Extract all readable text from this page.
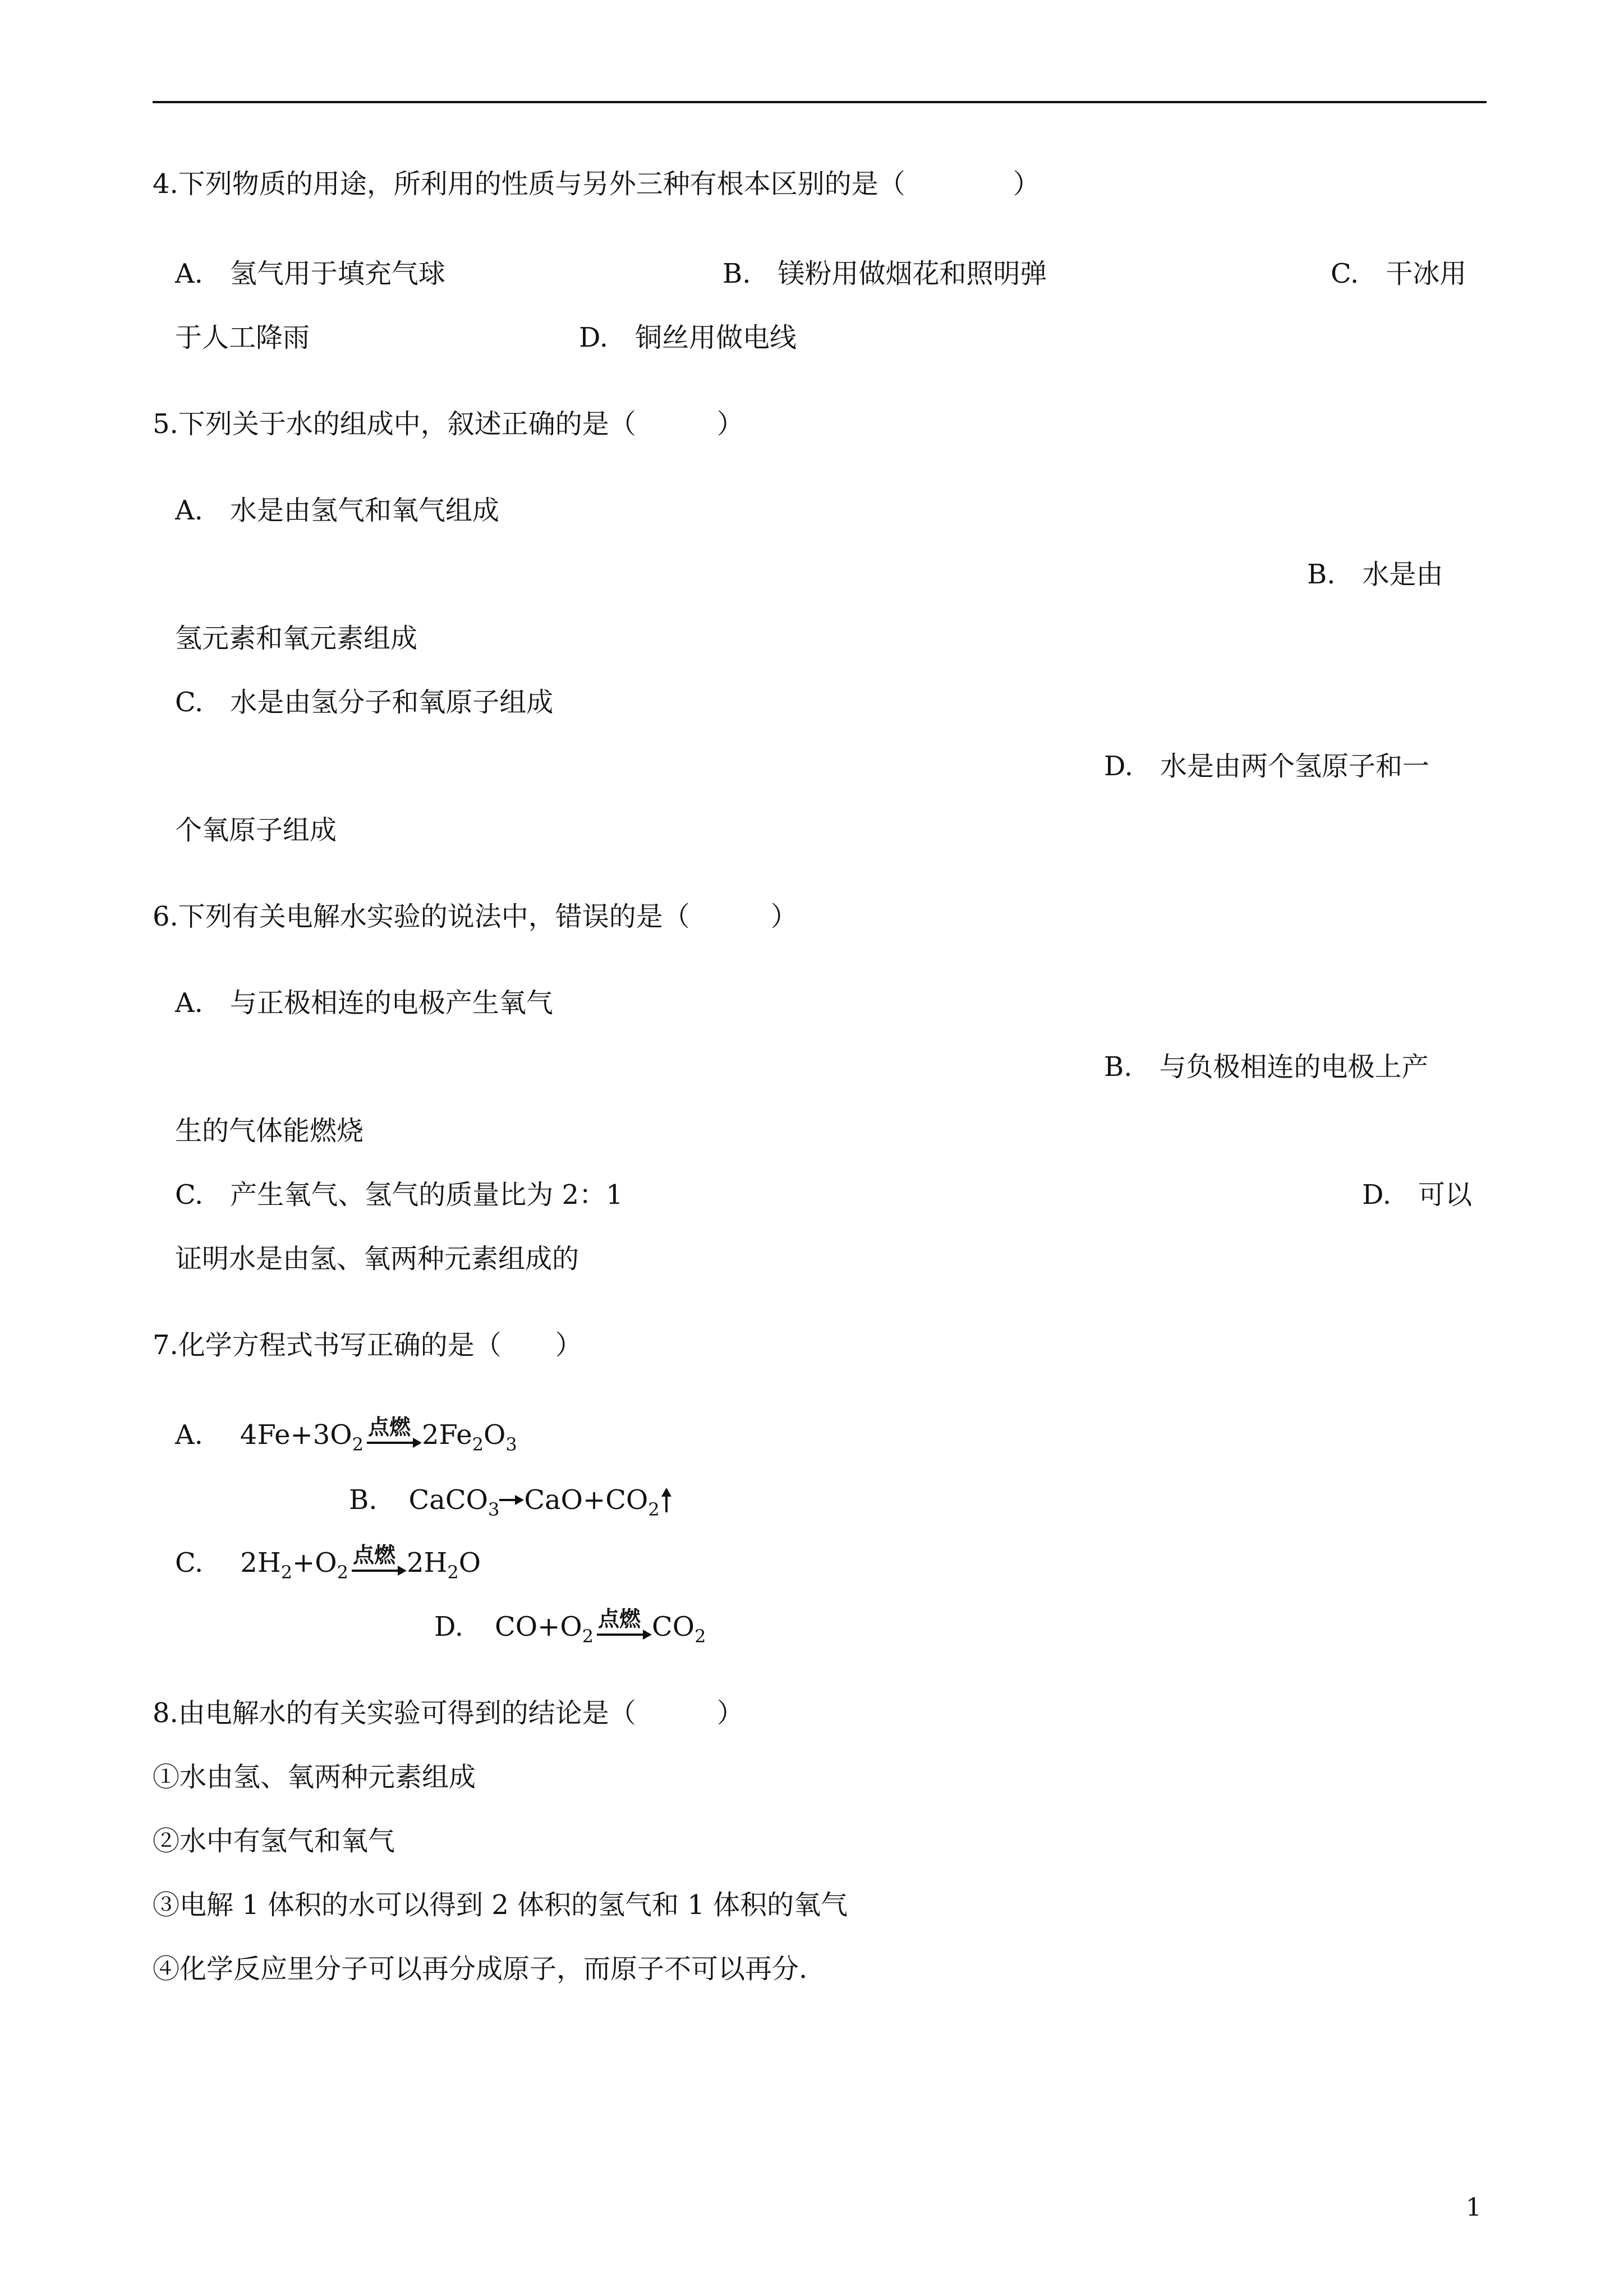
4.下列物质的用途，所利用的性质与另外三种有根本区别的是（　　　　）
A.　氢气用于填充气球	B.　镁粉用做烟花和照明弹	C.　干冰用
于人工降雨	D.　铜丝用做电线
5.下列关于水的组成中，叙述正确的是（　　　）
A.　水是由氢气和氧气组成
B.　水是由
氢元素和氧元素组成
C.　水是由氢分子和氧原子组成
D.　水是由两个氢原子和一
个氧原子组成
6.下列有关电解水实验的说法中，错误的是（　　　）
A.　与正极相连的电极产生氧气
B.　与负极相连的电极上产
生的气体能燃烧
C.　产生氧气、氢气的质量比为 2：1	D.　可以
证明水是由氢、氧两种元素组成的
7.化学方程式书写正确的是（　　）
A. $4Fe+3O_2$
点燃 $2Fe_2O_3$
B. CaCO$_3$ $CaO+CO_2$
C. $2H_2+O_2$
点燃 $2H_2O$
D. $CO+O_2$
点燃 $CO_2$
8.由电解水的有关实验可得到的结论是（　　　）
①水由氢、氧两种元素组成
②水中有氢气和氧气
③电解 1 体积的水可以得到 2 体积的氢气和 1 体积的氧气
④化学反应里分子可以再分成原子，而原子不可以再分.
1
